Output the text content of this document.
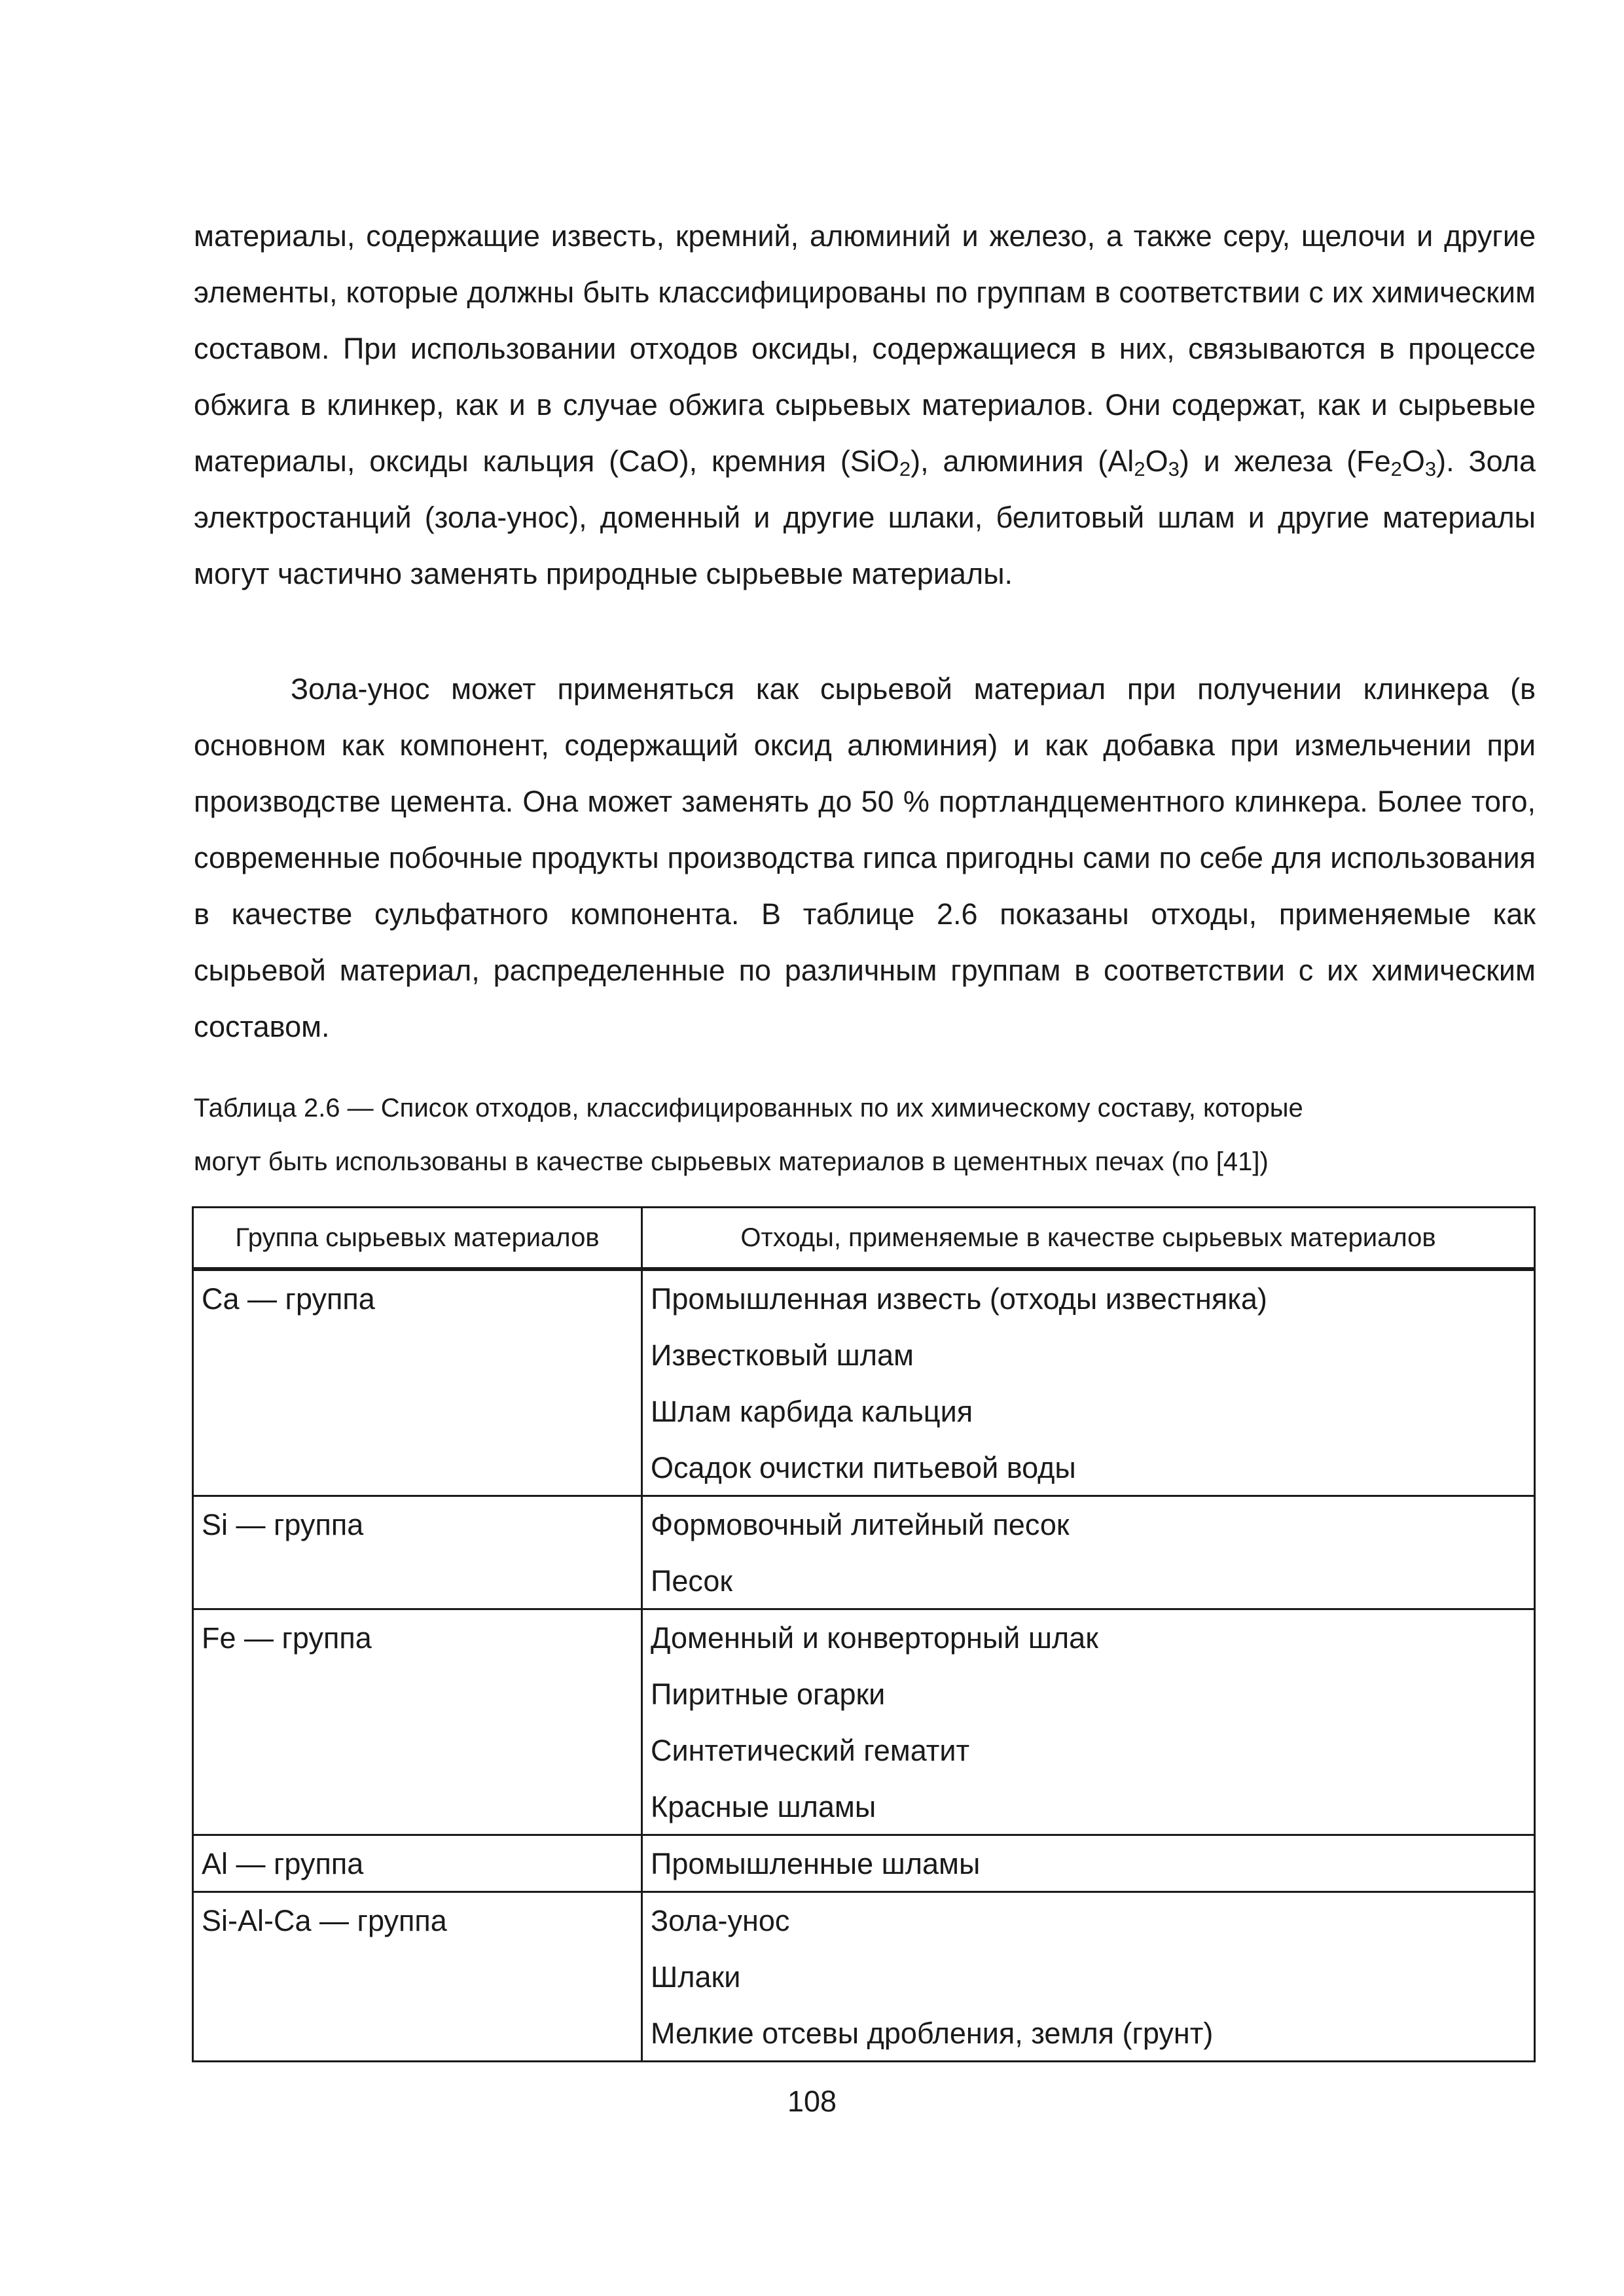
материалы, содержащие известь, кремний, алюминий и железо, а также серу, щелочи и другие элементы, которые должны быть классифицированы по группам в соответствии с их химическим составом. При использовании отходов оксиды, содержащиеся в них, связываются в процессе обжига в клинкер, как и в случае обжига сырьевых материалов. Они содержат, как и сырьевые материалы, оксиды кальция (CaO), кремния (SiO$_2$), алюминия $(Al_2O_3)$ и железа $(Fe_2O_3)$. Зола электростанций (зола-унос), доменный и другие шлаки, белитовый шлам и другие материалы могут частично заменять природные сырьевые материалы.

Зола-унос может применяться как сырьевой материал при получении клинкера (в основном как компонент, содержащий оксид алюминия) и как добавка при измельчении при производстве цемента. Она может заменять до 50 % портландцементного клинкера. Более того, современные побочные продукты производства гипса пригодны сами по себе для использования в качестве сульфатного компонента. В таблице 2.6 показаны отходы, применяемые как сырьевой материал, распределенные по различным группам в соответствии с их химическим составом.

Таблица 2.6 — Список отходов, классифицированных по их химическому составу, которые

могут быть использованы в качестве сырьевых материалов в цементных печах (по [41])

Группа сырьевых материалов	Отходы, применяемые в качестве сырьевых материалов

Ca — группа	Промышленная известь (отходы известняка)
Известковый шлам
Шлам карбида кальция
Осадок очистки питьевой воды

Si — группа	Формовочный литейный песок
Песок

Fe — группа	Доменный и конверторный шлак
Пиритные огарки
Синтетический гематит
Красные шламы

Al — группа	Промышленные шламы

Si-Al-Ca — группа	Зола-унос
Шлаки
Мелкие отсевы дробления, земля (грунт)
108
